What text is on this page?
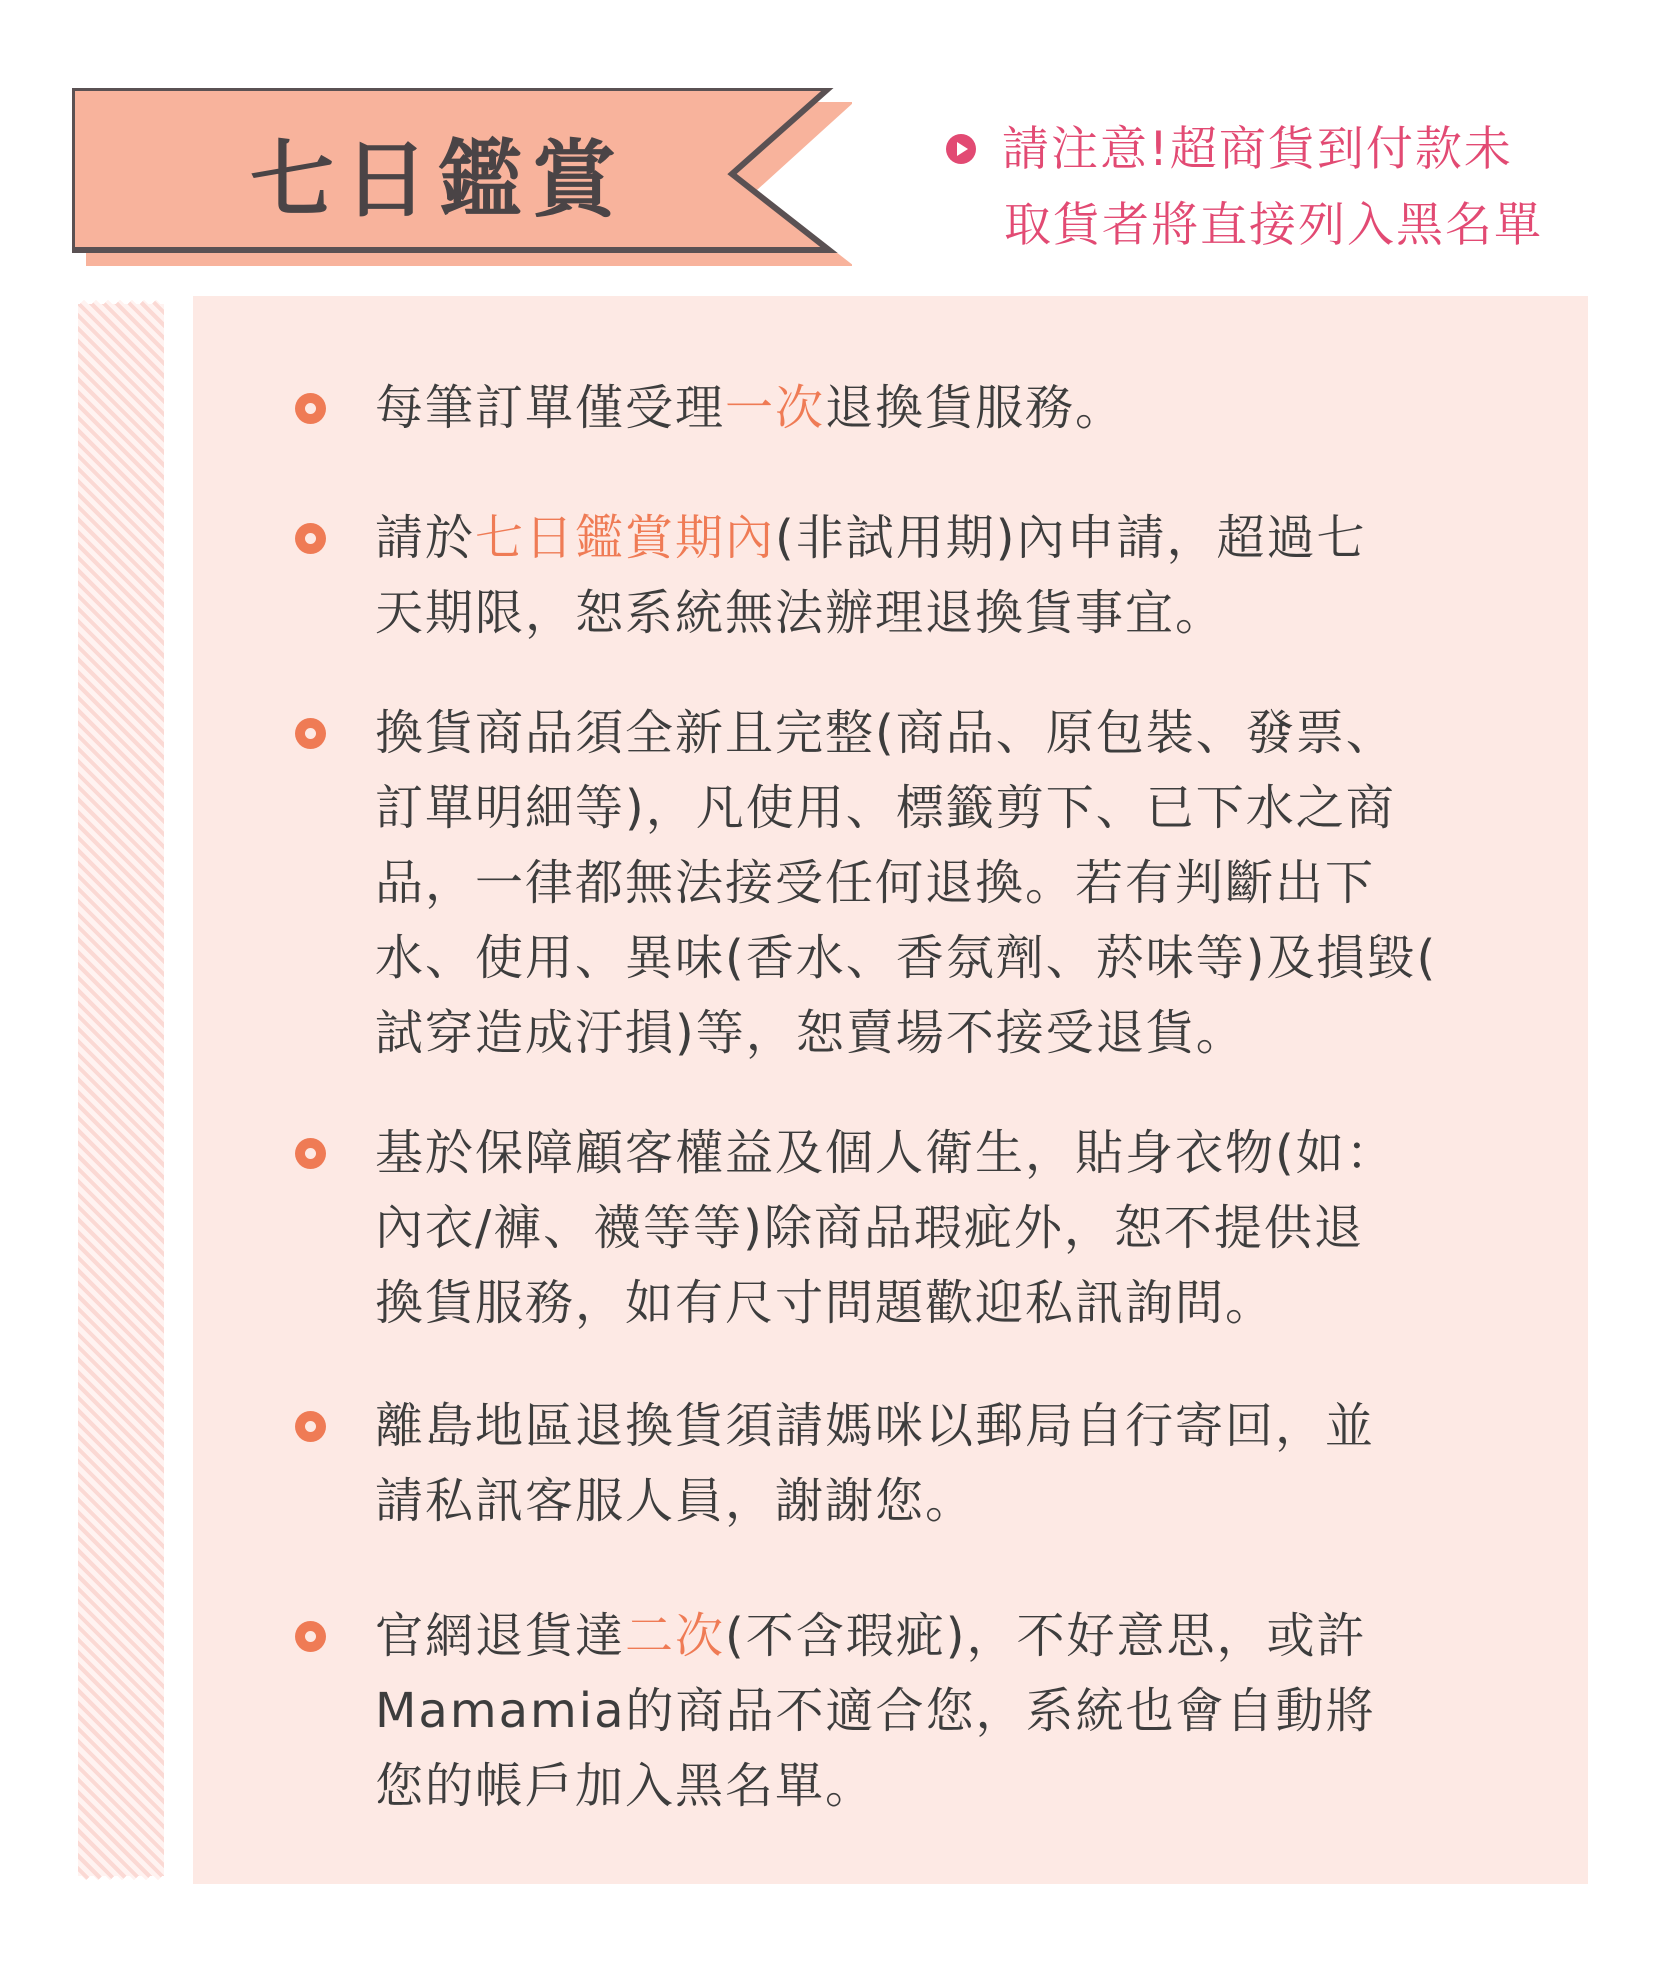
七日鑑賞	請注意!超商貨到付款未
取貨者將直接列入黑名單
每筆訂單僅受理一次退換貨服務。
請於七日鑑賞期內(非試用期)內申請，超過七
天期限，恕系統無法辦理退換貨事宜。
換貨商品須全新且完整(商品、原包裝、發票、
訂單明細等)，凡使用、標籤剪下、已下水之商
品，一律都無法接受任何退換。若有判斷出下
水、使用、異味(香水、香氛劑、菸味等)及損毀(
試穿造成汙損)等，恕賣場不接受退貨。
基於保障顧客權益及個人衛生，貼身衣物(如：
內衣/褲、襪等等)除商品瑕疵外，恕不提供退
換貨服務，如有尺寸問題歡迎私訊詢問。
離島地區退換貨須請媽咪以郵局自行寄回，並
請私訊客服人員，謝謝您。
官網退貨達二次(不含瑕疵)，不好意思，或許
Mamamia的商品不適合您，系統也會自動將
您的帳戶加入黑名單。
